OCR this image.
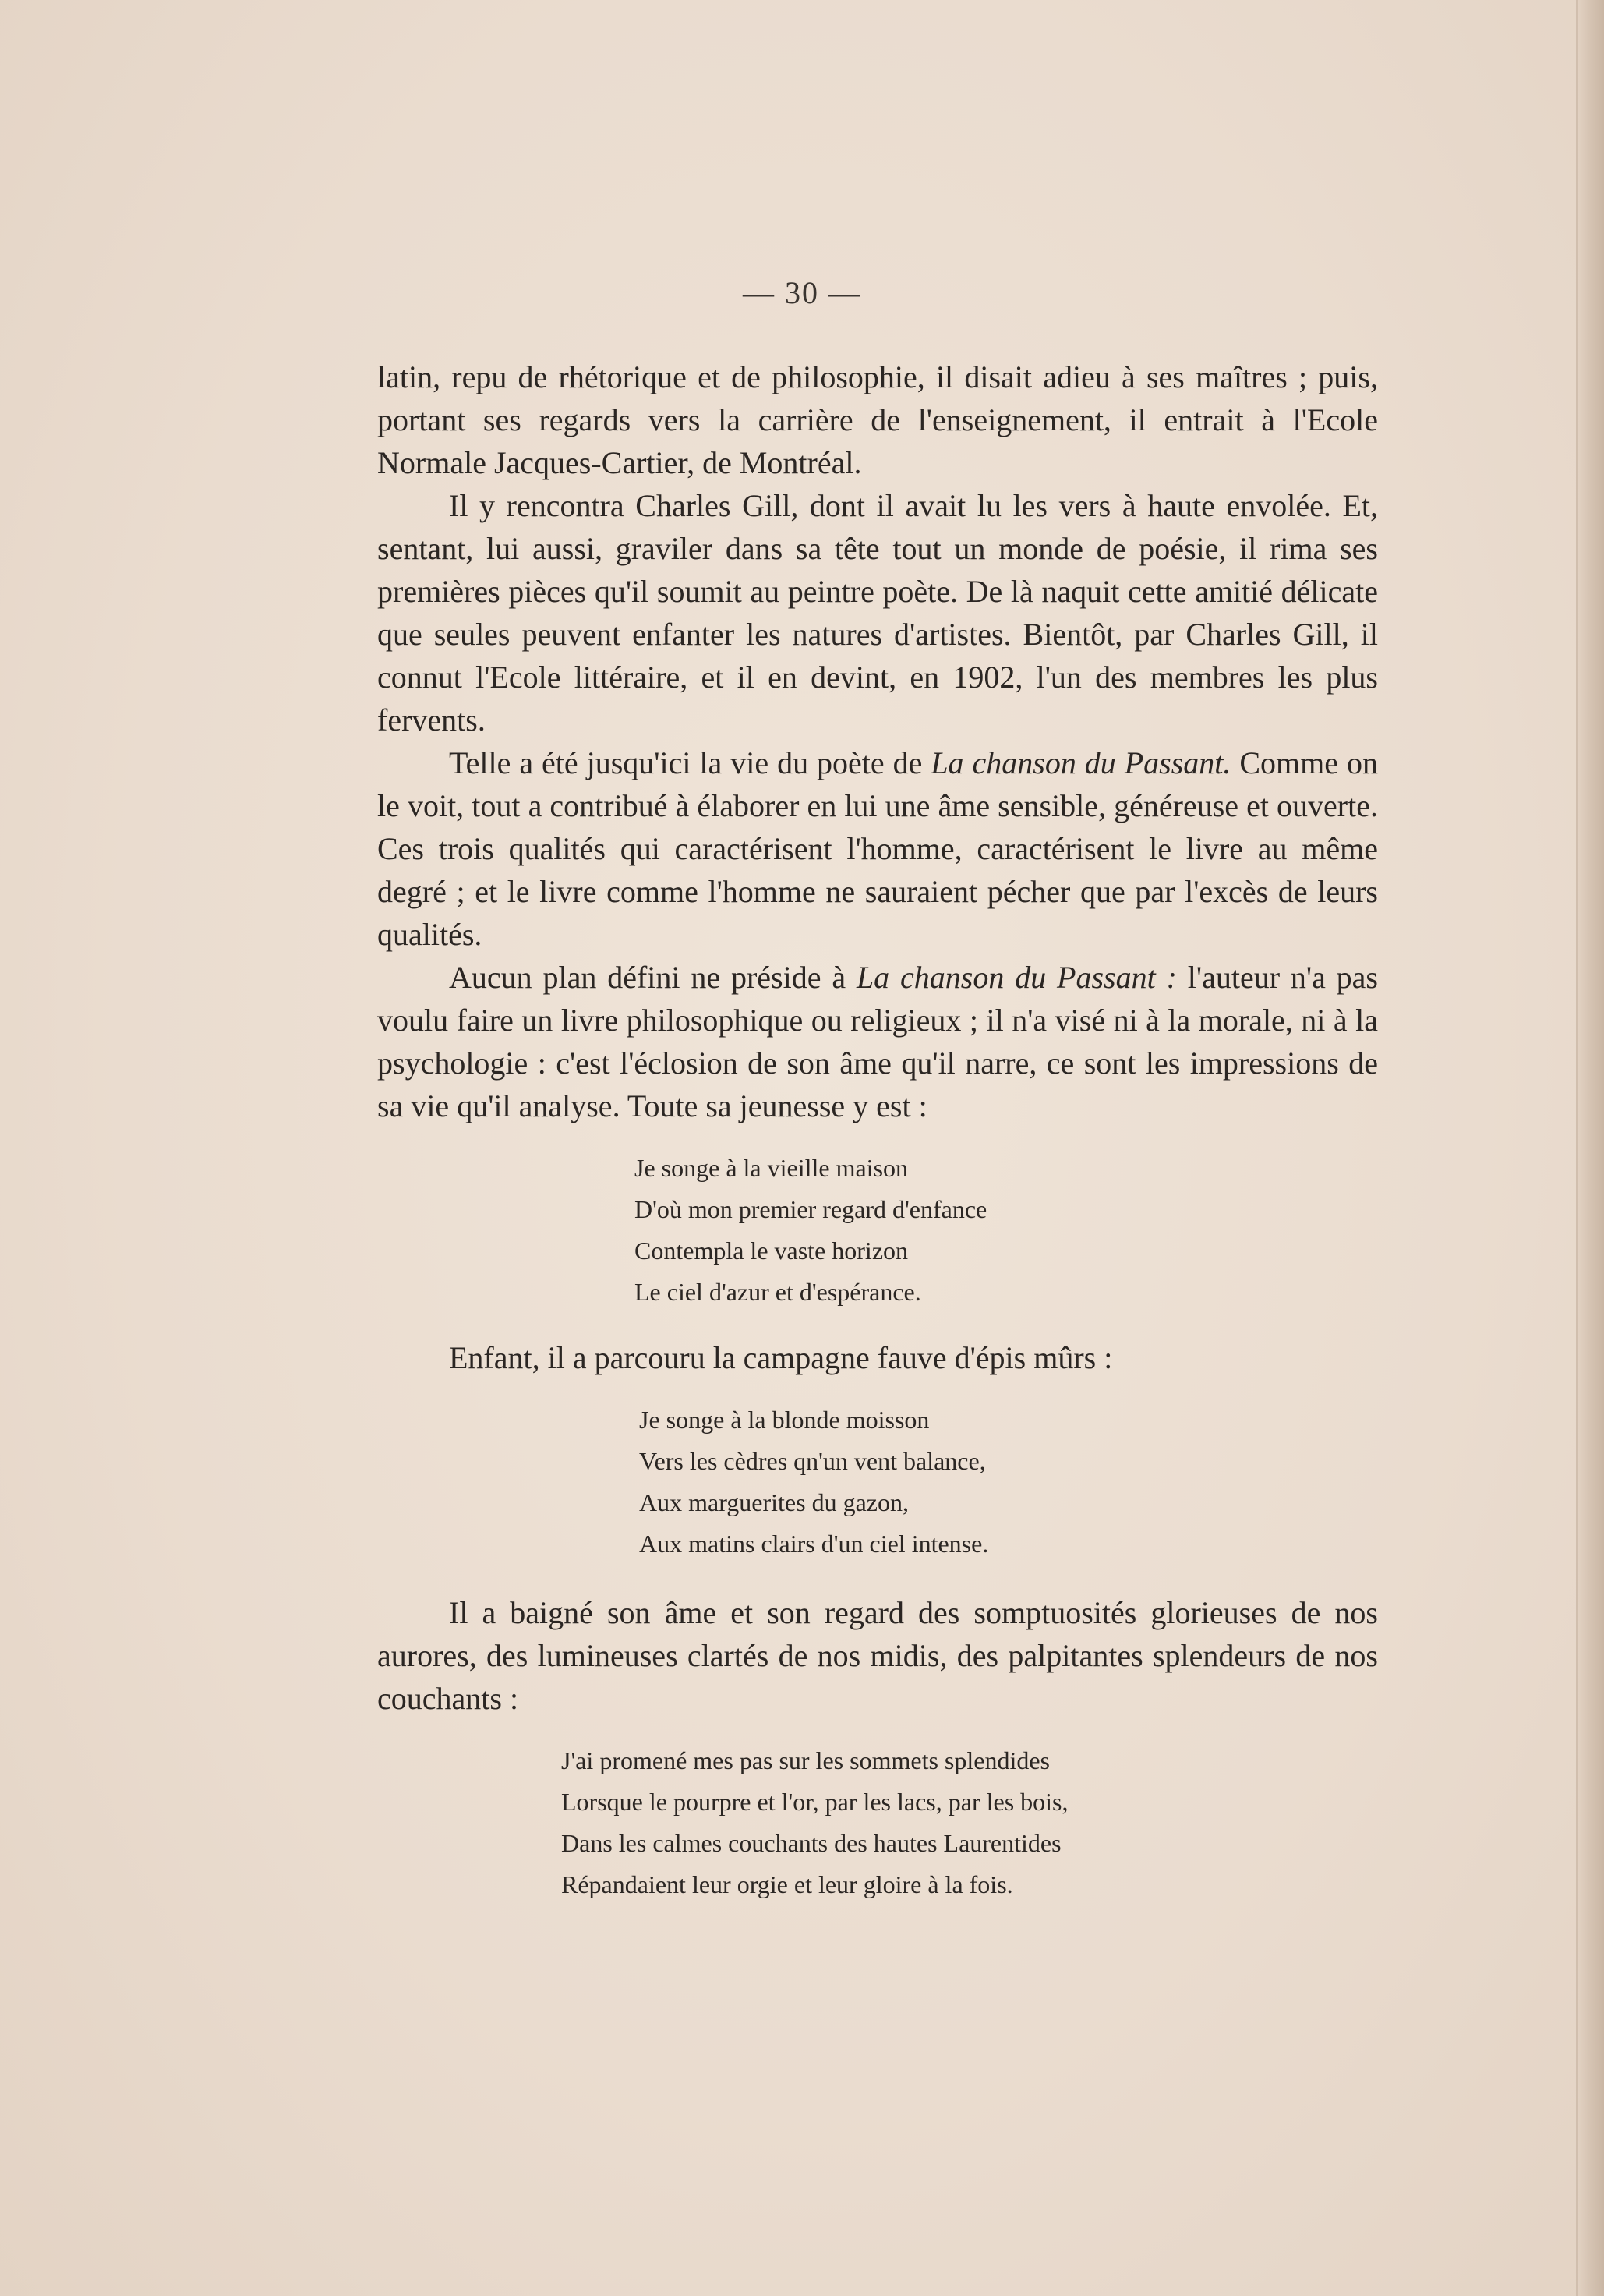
— 30 —

latin, repu de rhétorique et de philosophie, il disait adieu à ses maîtres ; puis, portant ses regards vers la carrière de l'enseignement, il entrait à l'Ecole Normale Jacques-Cartier, de Montréal.

Il y rencontra Charles Gill, dont il avait lu les vers à haute envolée. Et, sentant, lui aussi, graviler dans sa tête tout un monde de poésie, il rima ses premières pièces qu'il soumit au peintre poète. De là naquit cette amitié délicate que seules peuvent enfanter les natures d'artistes. Bientôt, par Charles Gill, il connut l'Ecole littéraire, et il en devint, en 1902, l'un des membres les plus fervents.

Telle a été jusqu'ici la vie du poète de La chanson du Passant. Comme on le voit, tout a contribué à élaborer en lui une âme sensible, généreuse et ouverte. Ces trois qualités qui caractérisent l'homme, caractérisent le livre au même degré ; et le livre comme l'homme ne sauraient pécher que par l'excès de leurs qualités.

Aucun plan défini ne préside à La chanson du Passant : l'auteur n'a pas voulu faire un livre philosophique ou religieux ; il n'a visé ni à la morale, ni à la psychologie : c'est l'éclosion de son âme qu'il narre, ce sont les impressions de sa vie qu'il analyse. Toute sa jeunesse y est :

Je songe à la vieille maison
D'où mon premier regard d'enfance
Contempla le vaste horizon
Le ciel d'azur et d'espérance.

Enfant, il a parcouru la campagne fauve d'épis mûrs :

Je songe à la blonde moisson
Vers les cèdres qn'un vent balance,
Aux marguerites du gazon,
Aux matins clairs d'un ciel intense.

Il a baigné son âme et son regard des somptuosités glorieuses de nos aurores, des lumineuses clartés de nos midis, des palpitantes splendeurs de nos couchants :

J'ai promené mes pas sur les sommets splendides
Lorsque le pourpre et l'or, par les lacs, par les bois,
Dans les calmes couchants des hautes Laurentides
Répandaient leur orgie et leur gloire à la fois.
